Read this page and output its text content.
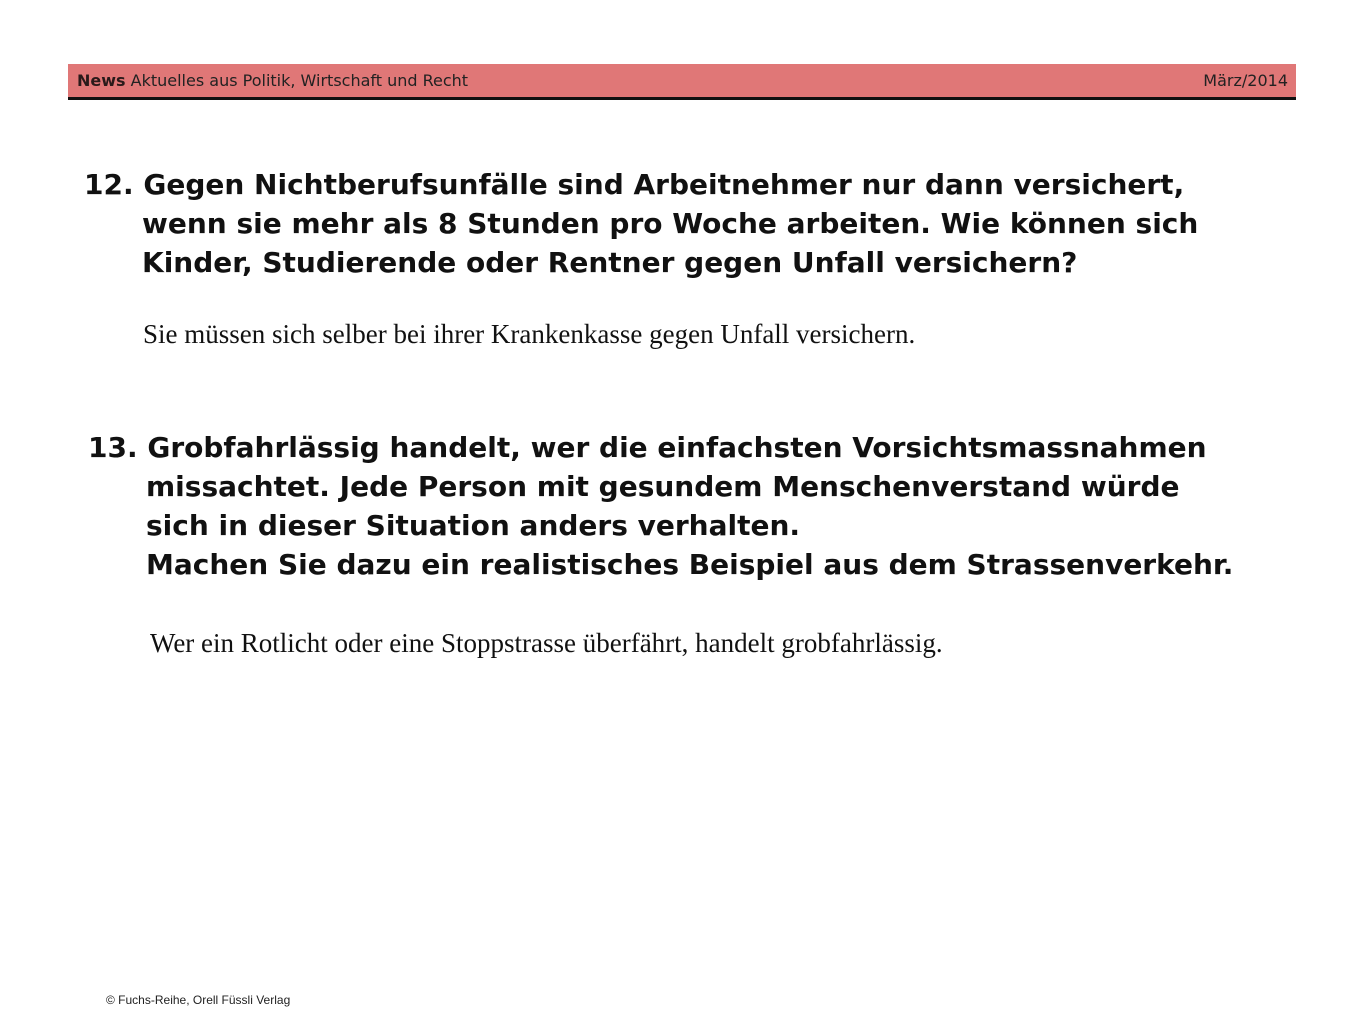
News Aktuelles aus Politik, Wirtschaft und Recht	März/2014
12. Gegen Nichtberufsunfälle sind Arbeitnehmer nur dann versichert,
wenn sie mehr als 8 Stunden pro Woche arbeiten. Wie können sich
Kinder, Studierende oder Rentner gegen Unfall versichern?
Sie müssen sich selber bei ihrer Krankenkasse gegen Unfall versichern.
13. Grobfahrlässig handelt, wer die einfachsten Vorsichtsmassnahmen
missachtet. Jede Person mit gesundem Menschenverstand würde
sich in dieser Situation anders verhalten.
Machen Sie dazu ein realistisches Beispiel aus dem Strassenverkehr.
Wer ein Rotlicht oder eine Stoppstrasse überfährt, handelt grobfahrlässig.
© Fuchs-Reihe, Orell Füssli Verlag
